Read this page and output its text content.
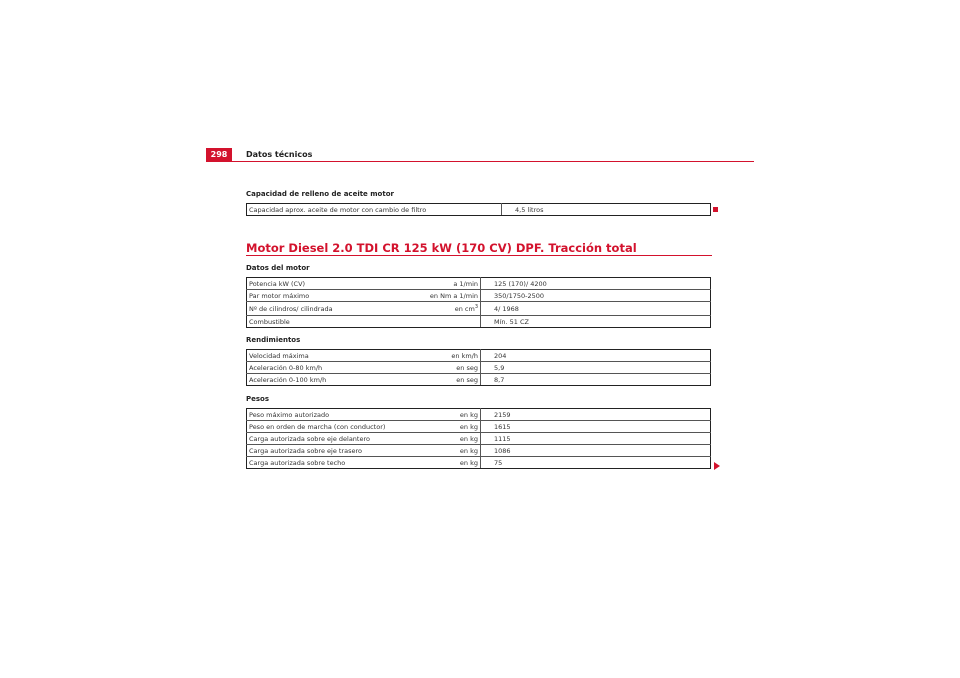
298	Datos técnicos
Capacidad de relleno de aceite motor
Capacidad aprox. aceite de motor con cambio de filtro	4,5 litros
Motor Diesel 2.0 TDI CR 125 kW (170 CV) DPF. Tracción total
Datos del motor
Potencia kW (CV)	a 1/min	125 (170)/ 4200
Par motor máximo	en Nm a 1/min	350/1750-2500
Nº de cilindros/ cilindrada	en $cm^3$	4/ 1968
Combustible		Mín. 51 CZ
Rendimientos
Velocidad máxima	en km/h	204
Aceleración 0-80 km/h	en seg	5,9
Aceleración 0-100 km/h	en seg	8,7
Pesos
Peso máximo autorizado	en kg	2159
Peso en orden de marcha (con conductor)	en kg	1615
Carga autorizada sobre eje delantero	en kg	1115
Carga autorizada sobre eje trasero	en kg	1086
Carga autorizada sobre techo	en kg	75
